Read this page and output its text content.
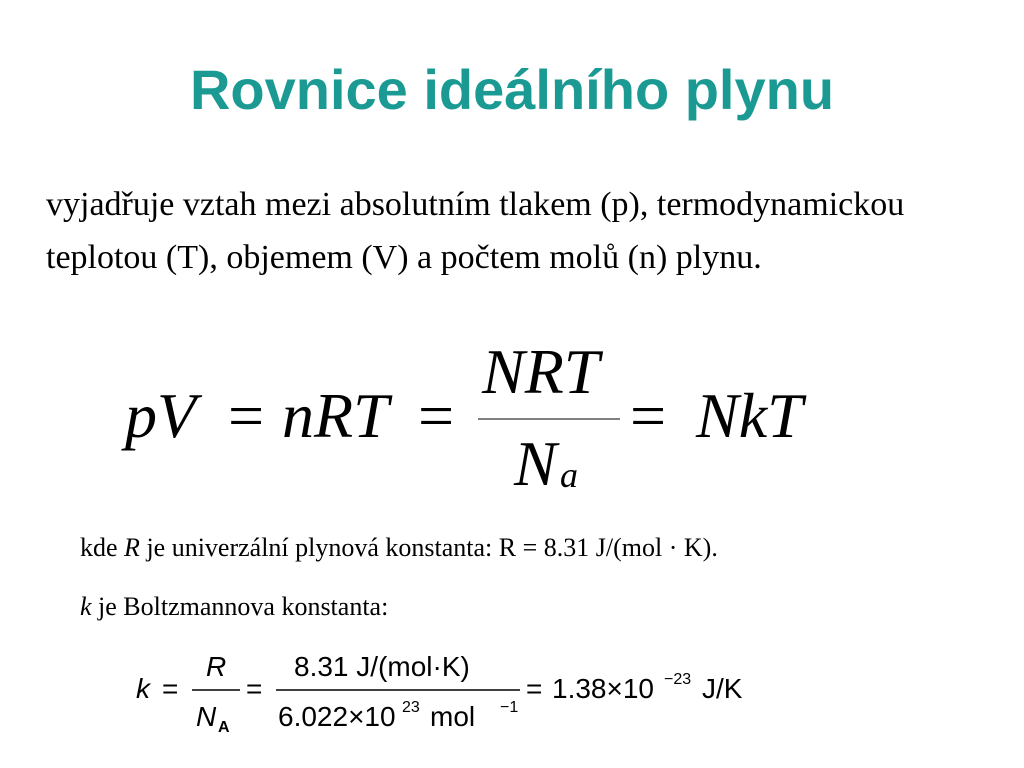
Rovnice ideálního plynu
vyjadřuje vztah mezi absolutním tlakem (p), termodynamickou teplotou (T), objemem (V) a počtem molů (n) plynu.
pV nRT
NRT
N
NkT
= =	=
a
kde R je univerzální plynová konstanta: R = 8.31 J/(mol · K).
k je Boltzmannova konstanta:
k =
R
N
=
8.31 J/(mol·K)
6.022×10 mol
= 1.38×10 J/K
A
23	−1
−23
